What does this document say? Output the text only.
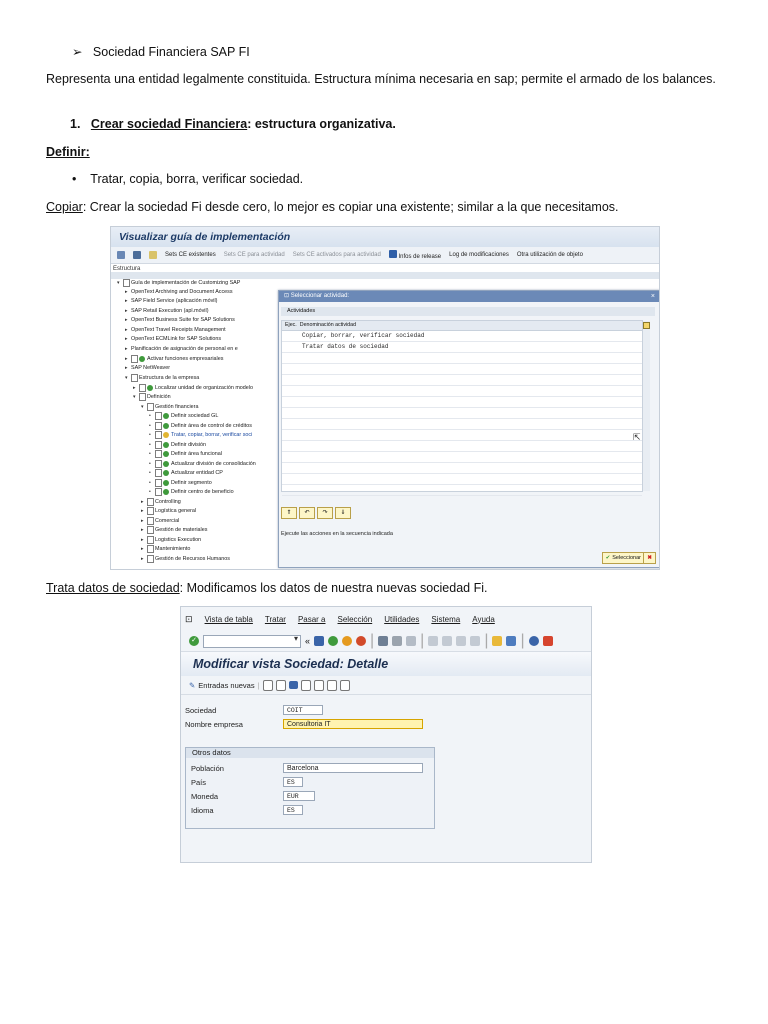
➢ Sociedad Financiera SAP FI
Representa una entidad legalmente constituida. Estructura mínima necesaria en sap; permite el armado de los balances.
1. Crear sociedad Financiera: estructura organizativa.
Definir:
• Tratar, copia, borra, verificar sociedad.
Copiar: Crear la sociedad Fi desde cero, lo mejor es copiar una existente; similar a la que necesitamos.
Visualizar guía de implementación
Sets CE existentes Sets CE para actividad Sets CE activados para actividad	Infos de release Log de modificaciones Otra utilización de objeto
Estructura
▾	Guía de implementación de Customizing SAP
▸ OpenText Archiving and Document Access
▸ SAP Field Service (aplicación móvil)
▸ SAP Retail Execution (apl.móvil)
▸ OpenText Business Suite for SAP Solutions
▸ OpenText Travel Receipts Management
▸ OpenText ECMLink for SAP Solutions
▸ Planificación de asignación de personal en e
▸	Activar funciones empresariales
▸ SAP NetWeaver
▾	Estructura de la empresa
▸	Localizar unidad de organización modelo
▾	Definición
▾	Gestión financiera
•	Definir sociedad GL
•	Definir área de control de créditos
•	Tratar, copiar, borrar, verificar soci
•	Definir división
•	Definir área funcional
•	Actualizar división de consolidación
•	Actualizar entidad CP
•	Definir segmento
•	Definir centro de beneficio
▸	Controlling
▸	Logística general
▸	Comercial
▸	Gestión de materiales
▸	Logistics Execution
▸	Mantenimiento
▸	Gestión de Recursos Humanos
⊡ Seleccionar actividad:	×
Actividades
Ejec. Denominación actividad
Copiar, borrar, verificar sociedad
Tratar datos de sociedad
⇱
⇑	↶	↷	⇓
Ejecute las acciones en la secuencia indicada
✔ Seleccionar ✖
Trata datos de sociedad: Modificamos los datos de nuestra nuevas sociedad Fi.
⊡ Vista de tabla Tratar Pasar a Selección Utilidades Sistema Ayuda
✓
▾	«	|	|	| |
Modificar vista Sociedad: Detalle
✎ Entradas nuevas |
Sociedad	COIT
Nombre empresa	Consultoria IT
Otros datos
Población	Barcelona
País	ES
Moneda	EUR
Idioma	ES
